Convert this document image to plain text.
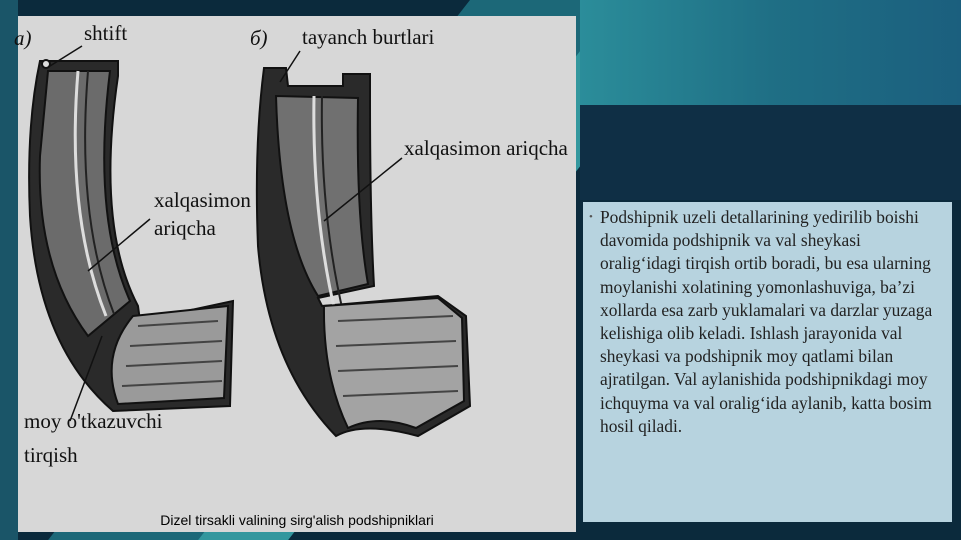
a)	б)
shtift	tayanch burtlari
xalqasimon ariqcha
xalqasimon
ariqcha
moy o'tkazuvchi
tirqish
Dizel tirsakli valining sirg'alish podshipniklari
• Podshipnik uzeli detallarining yedirilib boishi davomida podshipnik va val sheykasi oralig‘idagi tirqish ortib boradi, bu esa ularning moylanishi xolatining yomonlashuviga, ba’zi xollarda esa zarb yuklamalari va darzlar yuzaga kelishiga olib keladi. Ishlash jarayonida val sheykasi va podshipnik moy qatlami bilan ajratilgan. Val aylanishida podshipnikdagi moy ichquyma va val oralig‘ida aylanib, katta bosim hosil qiladi.
